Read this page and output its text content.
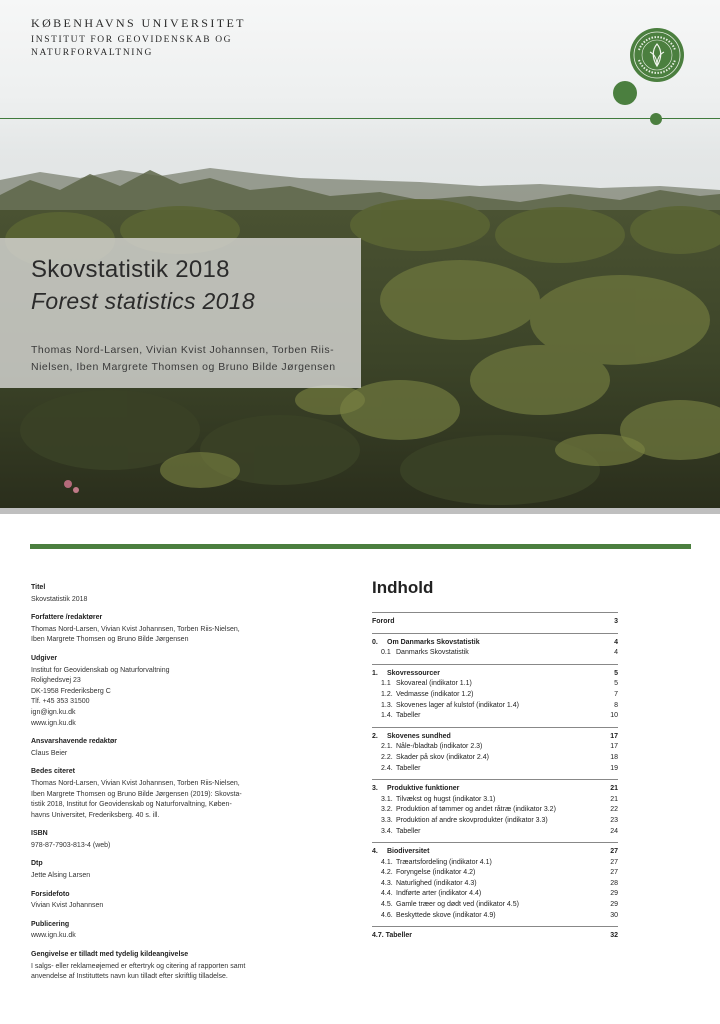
KØBENHAVNS UNIVERSITET
INSTITUT FOR GEOVIDENSKAB OG NATURFORVALTNING
Skovstatistik 2018
Forest statistics 2018
Thomas Nord-Larsen, Vivian Kvist Johannsen, Torben Riis-Nielsen, Iben Margrete Thomsen og Bruno Bilde Jørgensen
Titel
Skovstatistik 2018
Forfattere /redaktører
Thomas Nord-Larsen, Vivian Kvist Johannsen, Torben Riis-Nielsen,
Iben Margrete Thomsen og Bruno Bilde Jørgensen
Udgiver
Institut for Geovidenskab og Naturforvaltning
Rolighedsvej 23
DK-1958 Frederiksberg C
Tlf. +45 353 31500
ign@ign.ku.dk
www.ign.ku.dk
Ansvarshavende redaktør
Claus Beier
Bedes citeret
Thomas Nord-Larsen, Vivian Kvist Johannsen, Torben Riis-Nielsen,
Iben Margrete Thomsen og Bruno Bilde Jørgensen (2019): Skovsta-
tistik 2018, Institut for Geovidenskab og Naturforvaltning, Køben-
havns Universitet, Frederiksberg. 40 s. ill.
ISBN
978-87-7903-813-4 (web)
Dtp
Jette Alsing Larsen
Forsidefoto
Vivian Kvist Johannsen
Publicering
www.ign.ku.dk
Gengivelse er tilladt med tydelig kildeangivelse
I salgs- eller reklameøjemed er eftertryk og citering af rapporten samt
anvendelse af Instituttets navn kun tilladt efter skriftlig tilladelse.
Indhold
Forord	3
0. Om Danmarks Skovstatistik	4
0.1 Danmarks Skovstatistik	4
1. Skovressourcer	5
1.1 Skovareal (indikator 1.1)	5
1.2. Vedmasse (indikator 1.2)	7
1.3. Skovenes lager af kulstof (indikator 1.4)	8
1.4. Tabeller	10
2. Skovenes sundhed	17
2.1. Nåle-/bladtab (indikator 2.3)	17
2.2. Skader på skov (indikator 2.4)	18
2.4. Tabeller	19
3. Produktive funktioner	21
3.1. Tilvækst og hugst (indikator 3.1)	21
3.2. Produktion af tømmer og andet råtræ (indikator 3.2)	22
3.3. Produktion af andre skovprodukter (indikator 3.3)	23
3.4. Tabeller	24
4. Biodiversitet	27
4.1. Træartsfordeling (indikator 4.1)	27
4.2. Foryngelse (indikator 4.2)	27
4.3. Naturlighed (indikator 4.3)	28
4.4. Indførte arter (indikator 4.4)	29
4.5. Gamle træer og dødt ved (indikator 4.5)	29
4.6. Beskyttede skove (indikator 4.9)	30
4.7. Tabeller	32
